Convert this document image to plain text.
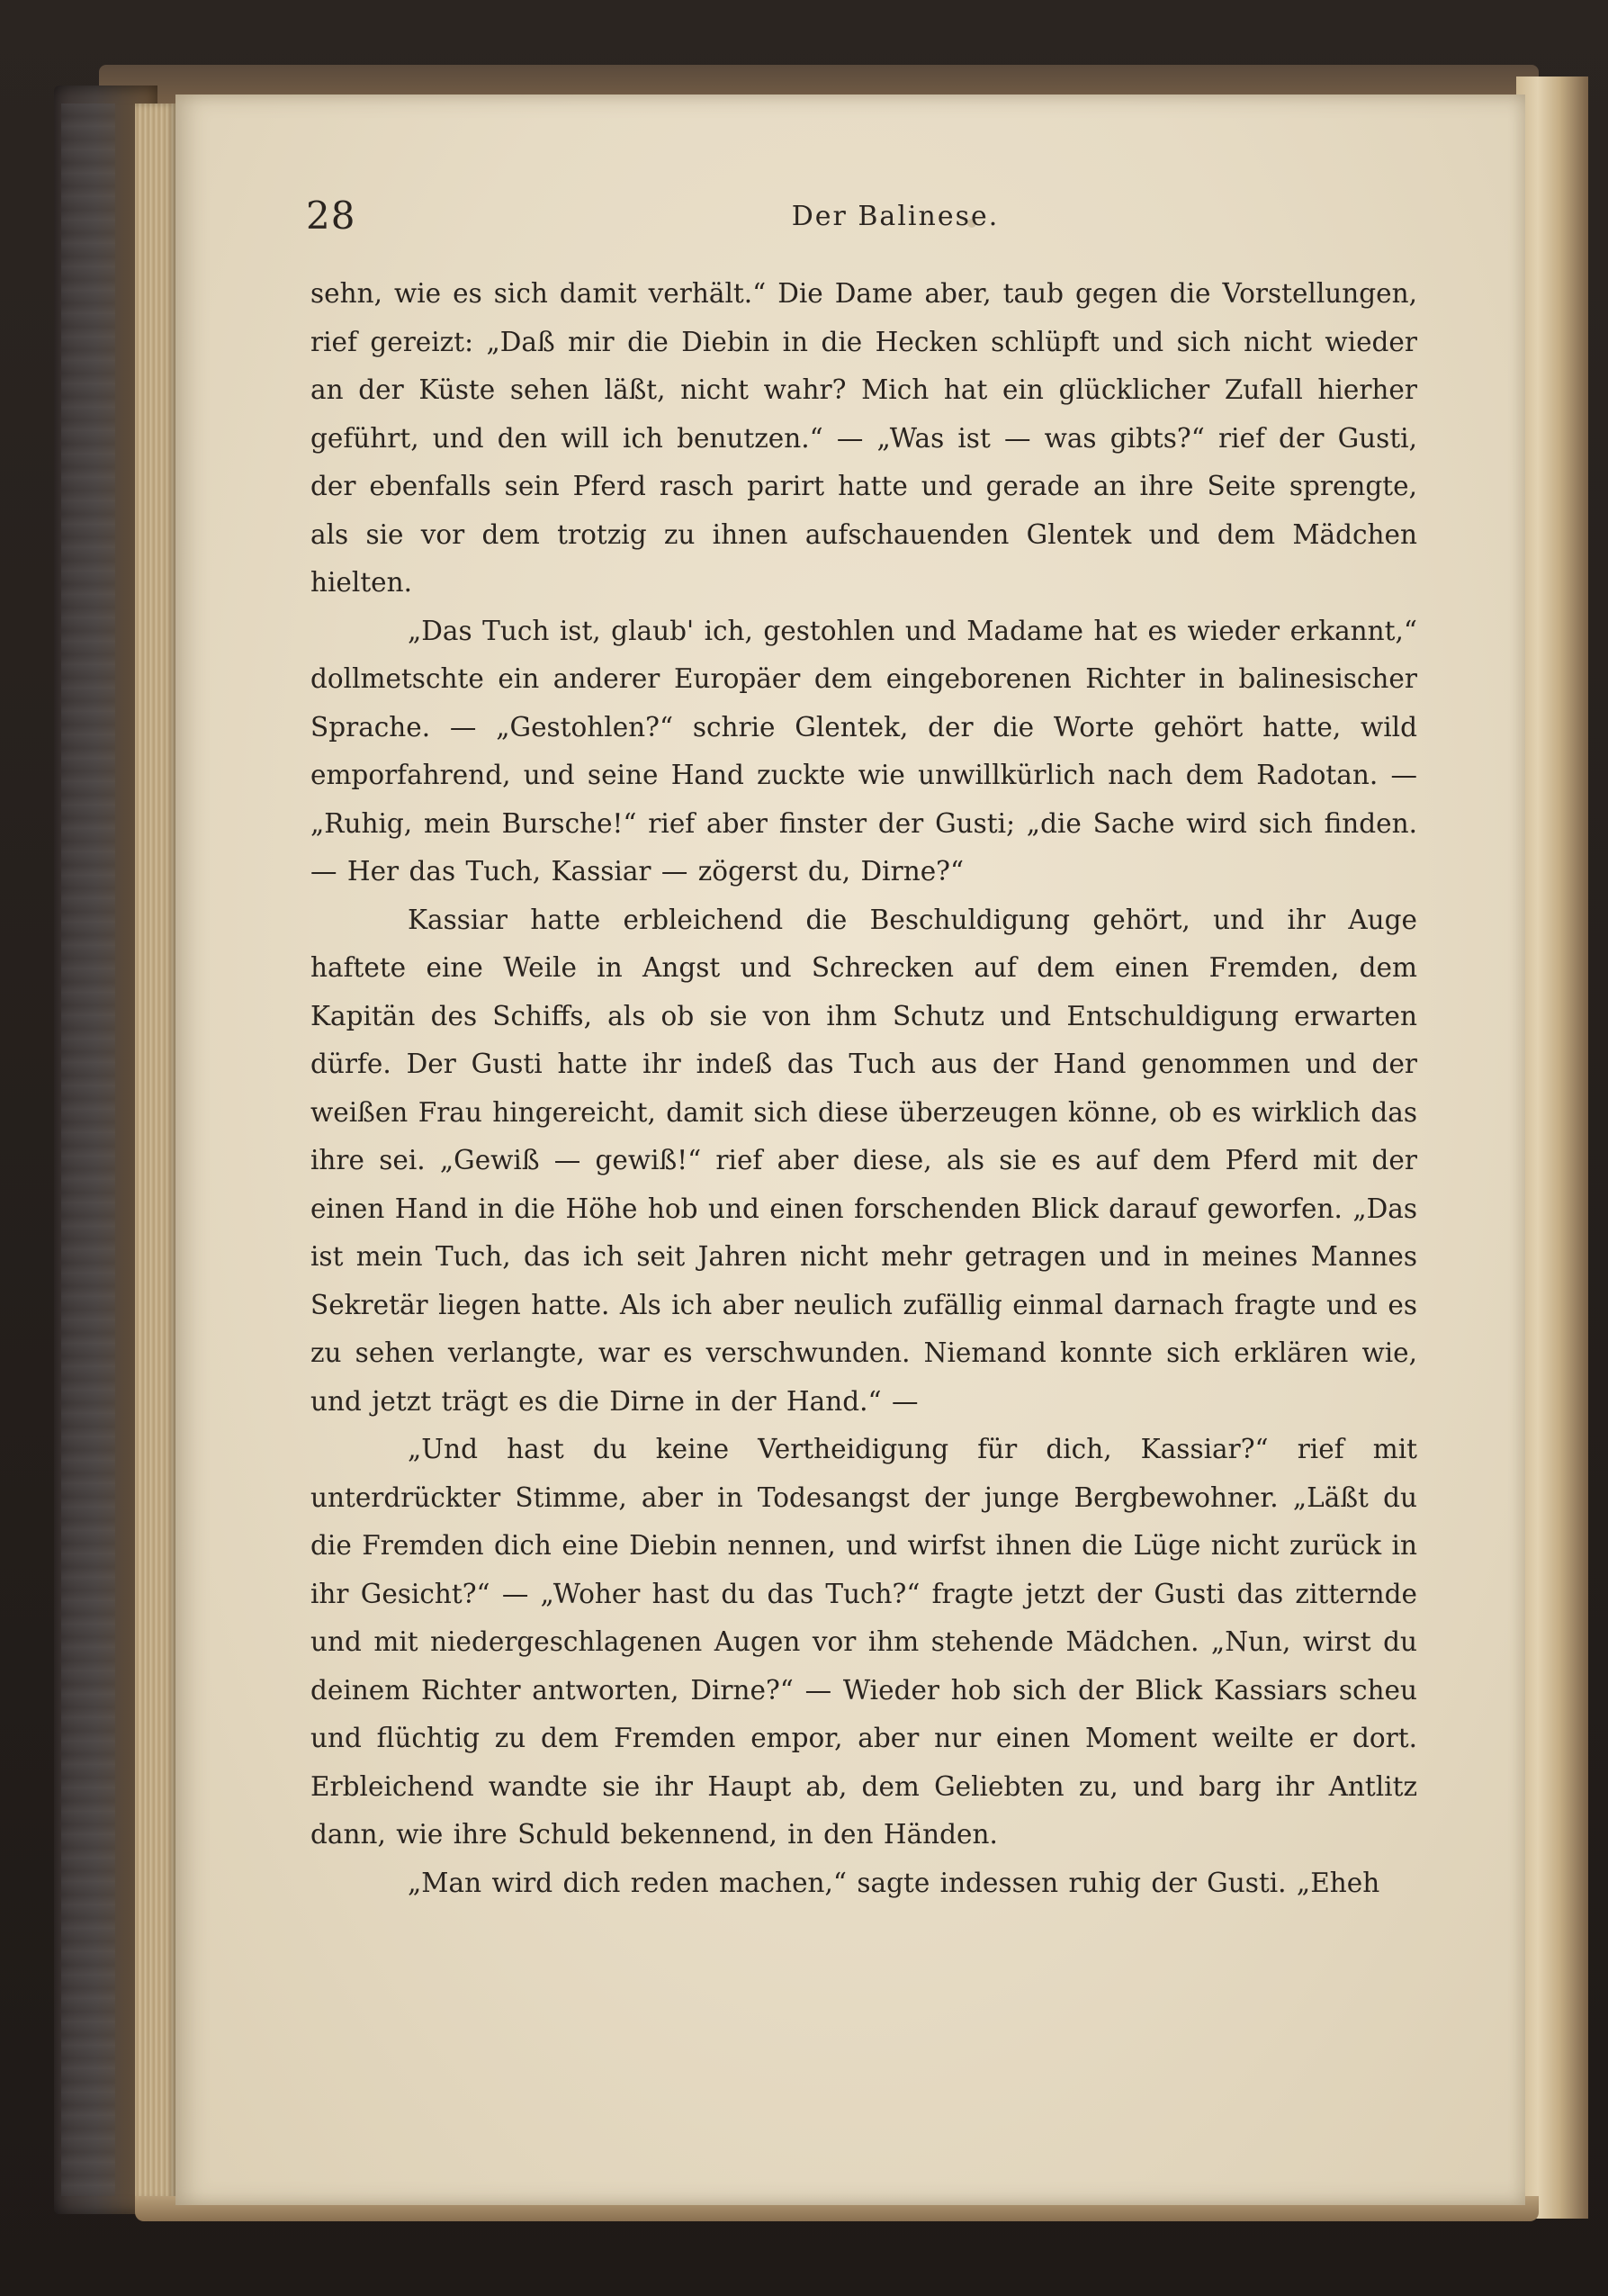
28	Der Balinese.

sehn, wie es sich damit verhält.“ Die Dame aber, taub gegen die Vorstellungen, rief gereizt: „Daß mir die Diebin in die Hecken schlüpft und sich nicht wieder an der Küste sehen läßt, nicht wahr? Mich hat ein glücklicher Zufall hierher geführt, und den will ich benutzen.“ — „Was ist — was gibts?“ rief der Gusti, der ebenfalls sein Pferd rasch parirt hatte und gerade an ihre Seite sprengte, als sie vor dem trotzig zu ihnen aufschauenden Glentek und dem Mädchen hielten.

„Das Tuch ist, glaub' ich, gestohlen und Madame hat es wieder erkannt,“ dollmetschte ein anderer Europäer dem eingeborenen Richter in balinesischer Sprache. — „Gestohlen?“ schrie Glentek, der die Worte gehört hatte, wild emporfahrend, und seine Hand zuckte wie unwillkürlich nach dem Radotan. — „Ruhig, mein Bursche!“ rief aber finster der Gusti; „die Sache wird sich finden. — Her das Tuch, Kassiar — zögerst du, Dirne?“

Kassiar hatte erbleichend die Beschuldigung gehört, und ihr Auge haftete eine Weile in Angst und Schrecken auf dem einen Fremden, dem Kapitän des Schiffs, als ob sie von ihm Schutz und Entschuldigung erwarten dürfe. Der Gusti hatte ihr indeß das Tuch aus der Hand genommen und der weißen Frau hingereicht, damit sich diese überzeugen könne, ob es wirklich das ihre sei. „Gewiß — gewiß!“ rief aber diese, als sie es auf dem Pferd mit der einen Hand in die Höhe hob und einen forschenden Blick darauf geworfen. „Das ist mein Tuch, das ich seit Jahren nicht mehr getragen und in meines Mannes Sekretär liegen hatte. Als ich aber neulich zufällig einmal darnach fragte und es zu sehen verlangte, war es verschwunden. Niemand konnte sich erklären wie, und jetzt trägt es die Dirne in der Hand.“ —

„Und hast du keine Vertheidigung für dich, Kassiar?“ rief mit unterdrückter Stimme, aber in Todesangst der junge Bergbewohner. „Läßt du die Fremden dich eine Diebin nennen, und wirfst ihnen die Lüge nicht zurück in ihr Gesicht?“ — „Woher hast du das Tuch?“ fragte jetzt der Gusti das zitternde und mit niedergeschlagenen Augen vor ihm stehende Mädchen. „Nun, wirst du deinem Richter antworten, Dirne?“ — Wieder hob sich der Blick Kassiars scheu und flüchtig zu dem Fremden empor, aber nur einen Moment weilte er dort. Erbleichend wandte sie ihr Haupt ab, dem Geliebten zu, und barg ihr Antlitz dann, wie ihre Schuld bekennend, in den Händen.

„Man wird dich reden machen,“ sagte indessen ruhig der Gusti. „Eheh
